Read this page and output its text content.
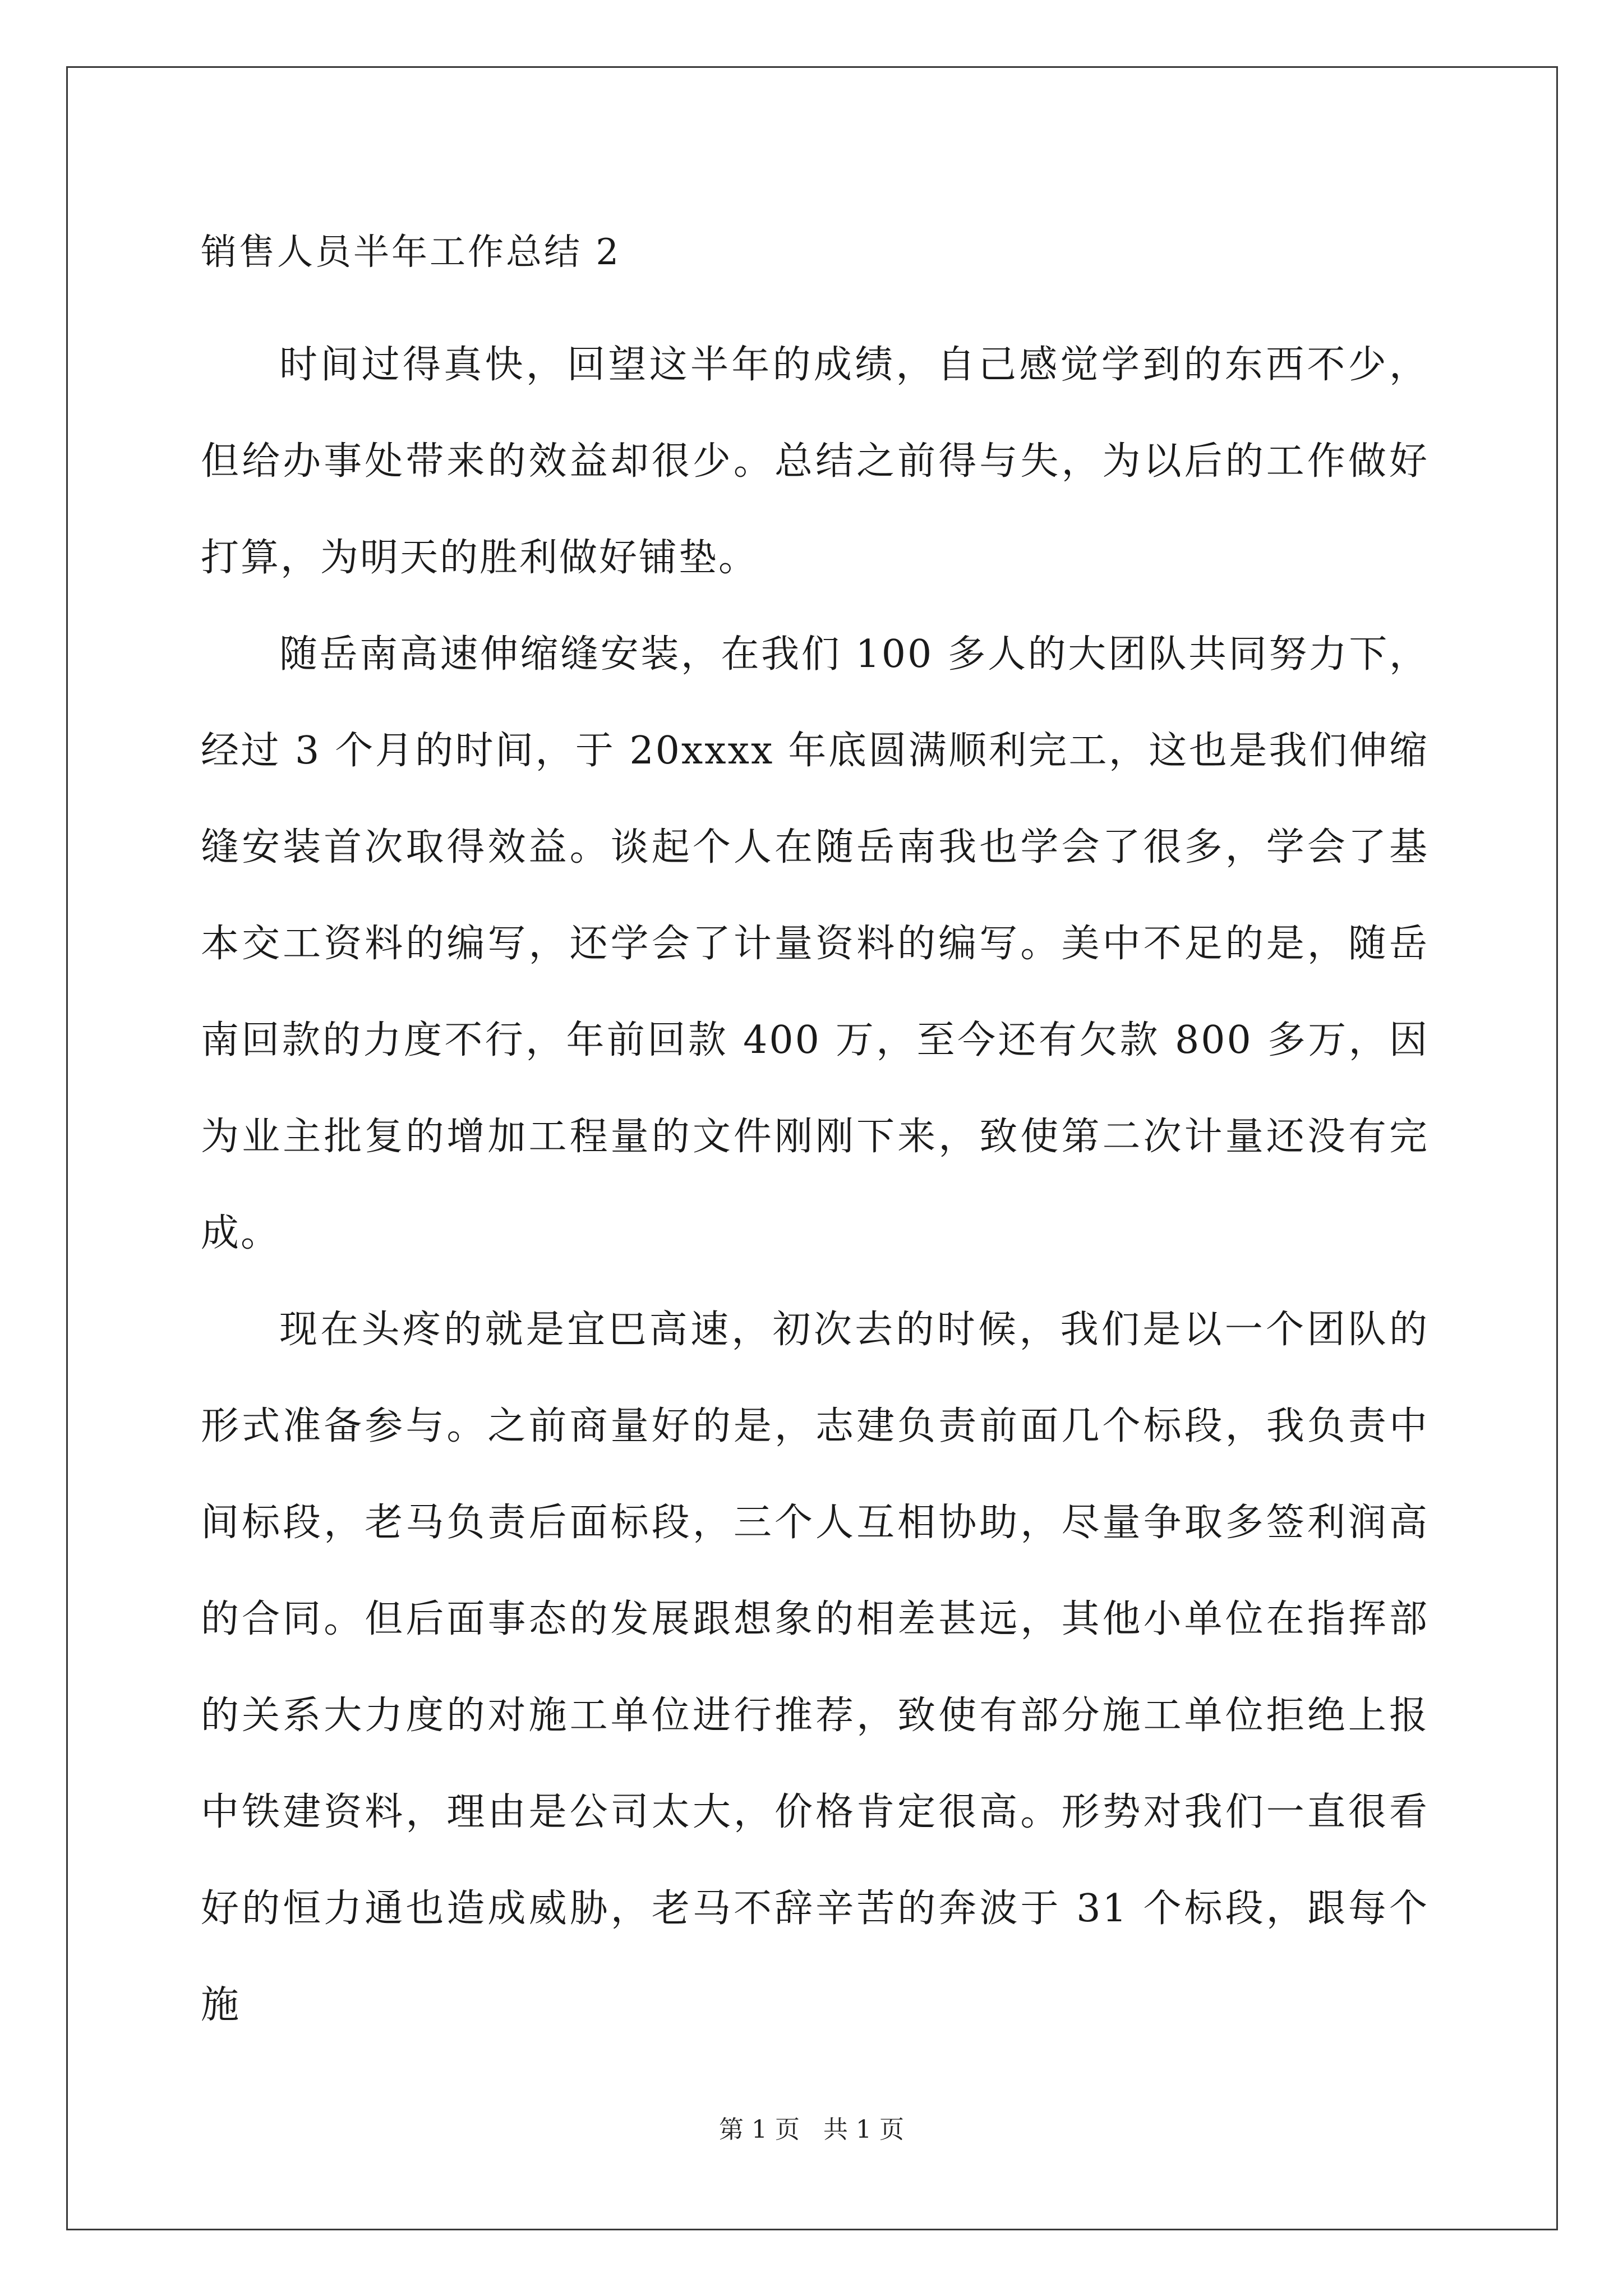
销售人员半年工作总结 2

时间过得真快，回望这半年的成绩，自己感觉学到的东西不少，但给办事处带来的效益却很少。总结之前得与失，为以后的工作做好打算，为明天的胜利做好铺垫。

随岳南高速伸缩缝安装，在我们 100 多人的大团队共同努力下，经过 3 个月的时间，于 20xxxx 年底圆满顺利完工，这也是我们伸缩缝安装首次取得效益。谈起个人在随岳南我也学会了很多，学会了基本交工资料的编写，还学会了计量资料的编写。美中不足的是，随岳南回款的力度不行，年前回款 400 万，至今还有欠款 800 多万，因为业主批复的增加工程量的文件刚刚下来，致使第二次计量还没有完成。

现在头疼的就是宜巴高速，初次去的时候，我们是以一个团队的形式准备参与。之前商量好的是，志建负责前面几个标段，我负责中间标段，老马负责后面标段，三个人互相协助，尽量争取多签利润高的合同。但后面事态的发展跟想象的相差甚远，其他小单位在指挥部的关系大力度的对施工单位进行推荐，致使有部分施工单位拒绝上报中铁建资料，理由是公司太大，价格肯定很高。形势对我们一直很看好的恒力通也造成威胁，老马不辞辛苦的奔波于 31 个标段，跟每个施

第 1 页 共 1 页
